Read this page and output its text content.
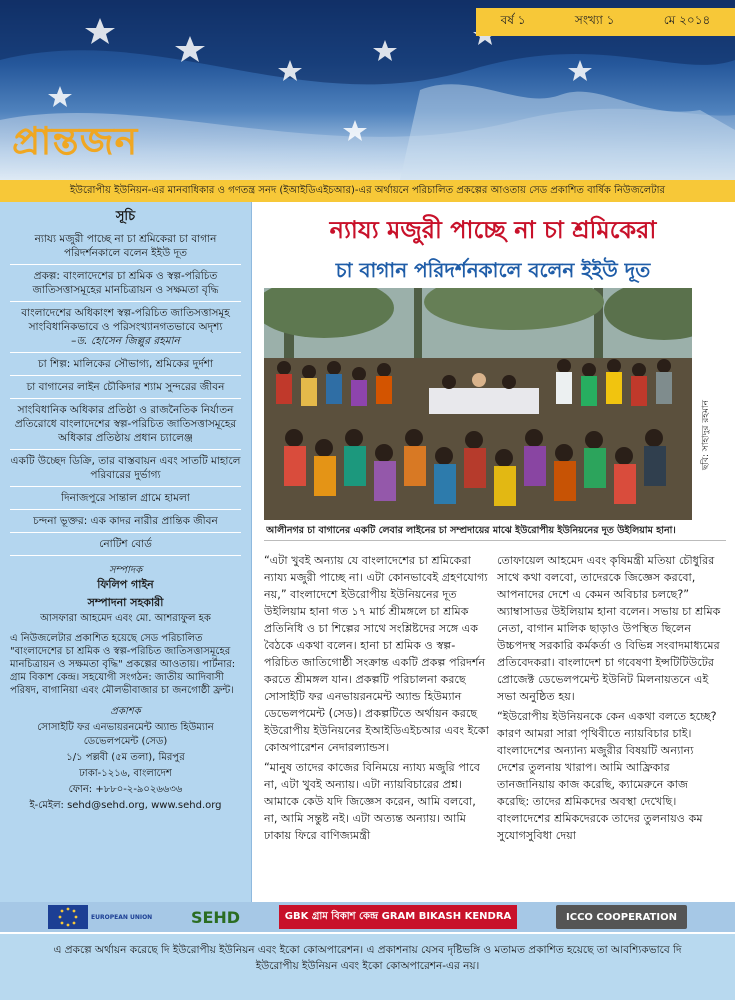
বর্ষ ১	সংখ্যা ১	মে ২০১৪
প্রান্তজন
ইউরোপীয় ইউনিয়ন-এর মানবাধিকার ও গণতন্ত্র সনদ (ইআইডিএইচআর)-এর অর্থায়নে পরিচালিত প্রকল্পের আওতায় সেড প্রকাশিত বার্ষিক নিউজলেটার
সূচি
ন্যায্য মজুরী পাচ্ছে না চা শ্রমিকেরা চা বাগান পরিদর্শনকালে বলেন ইইউ দূত
প্রকল্প: বাংলাদেশের চা শ্রমিক ও স্বল্প-পরিচিত জাতিসত্তাসমূহের মানচিত্রায়ন ও সক্ষমতা বৃদ্ধি
বাংলাদেশের অধিকাংশ স্বল্প-পরিচিত জাতিসত্তাসমূহ সাংবিধানিকভাবে ও পরিসংখ্যানগতভাবে অদৃশ্য
–ড. হোসেন জিল্লুর রহমান
চা শিল্প: মালিকের সৌভাগ্য, শ্রমিকের দুর্দশা
চা বাগানের লাইন চৌকিদার শ্যাম সুন্দরের জীবন
সাংবিধানিক অধিকার প্রতিষ্ঠা ও রাজনৈতিক নির্যাতন প্রতিরোধে বাংলাদেশের স্বল্প-পরিচিত জাতিসত্তাসমূহের অধিকার প্রতিষ্ঠায় প্রধান চ্যালেঞ্জ
একটি উচ্ছেদ ডিক্রি, তার বাস্তবায়ন এবং সাতটি মাহালে পরিবারের দুর্ভাগ্য
দিনাজপুরে সান্তাল গ্রামে হামলা
চন্দনা ভূক্তর: এক কাদর নারীর প্রান্তিক জীবন
নোটিশ বোর্ড
সম্পাদক
ফিলিপ গাইন
সম্পাদনা সহকারী
আসফারা আহমেদ এবং মো. আশরাফুল হক
এ নিউজলেটার প্রকাশিত হয়েছে সেড পরিচালিত "বাংলাদেশের চা শ্রমিক ও স্বল্প-পরিচিত জাতিসত্তাসমূহের মানচিত্রায়ন ও সক্ষমতা বৃদ্ধি" প্রকল্পের আওতায়। পার্টনার: গ্রাম বিকাশ কেন্দ্র। সহযোগী সংগঠন: জাতীয় আদিবাসী পরিষদ, বাগানিয়া এবং মৌলভীবাজার চা জনগোষ্ঠী ফ্রন্ট।
প্রকাশক
সোসাইটি ফর এনভায়রনমেন্ট অ্যান্ড হিউম্যান ডেভেলপমেন্ট (সেড)
১/১ পল্লবী (৫ম তলা), মিরপুর
ঢাকা-১২১৬, বাংলাদেশ
ফোন: +৮৮০-২-৯০২৬৬৩৬
ই-মেইল: sehd@sehd.org, www.sehd.org
ন্যায্য মজুরী পাচ্ছে না চা শ্রমিকেরা
চা বাগান পরিদর্শনকালে বলেন ইইউ দূত
ছবি: সাহাদুর রহমান
আলীনগর চা বাগানের একটি লেবার লাইনের চা সম্প্রদায়ের মাঝে ইউরোপীয় ইউনিয়নের দূত উইলিয়াম হানা।

“এটা খুবই অন্যায় যে বাংলাদেশের চা শ্রমিকেরা ন্যায্য মজুরী পাচ্ছে না। এটা কোনভাবেই গ্রহণযোগ্য নয়,” বাংলাদেশে ইউরোপীয় ইউনিয়নের দূত উইলিয়াম হানা গত ১৭ মার্চ শ্রীমঙ্গলে চা শ্রমিক প্রতিনিধি ও চা শিল্পের সাথে সংশ্লিষ্টদের সঙ্গে এক বৈঠকে একথা বলেন। হানা চা শ্রমিক ও স্বল্প-পরিচিত জাতিগোষ্ঠী সংক্রান্ত একটি প্রকল্প পরিদর্শন করতে শ্রীমঙ্গল যান। প্রকল্পটি পরিচালনা করছে সোসাইটি ফর এনভায়রনমেন্ট অ্যান্ড হিউম্যান ডেভেলপমেন্ট (সেড)। প্রকল্পটিতে অর্থায়ন করছে ইউরোপীয় ইউনিয়নের ইআইডিএইচআর এবং ইকো কোঅপারেশন নেদারল্যান্ডস।

“মানুষ তাদের কাজের বিনিময়ে ন্যায্য মজুরি পাবে না, এটা খুবই অন্যায়। এটা ন্যায়বিচারের প্রশ্ন। আমাকে কেউ যদি জিজ্ঞেস করেন, আমি বলবো, না, আমি সন্তুষ্ট নই। এটা অত্যন্ত অন্যায়। আমি ঢাকায় ফিরে বাণিজ্যমন্ত্রী

তোফায়েল আহমেদ এবং কৃষিমন্ত্রী মতিয়া চৌধুরির সাথে কথা বলবো, তাদেরকে জিজ্ঞেস করবো, আপনাদের দেশে এ কেমন অবিচার চলছে?” অ্যাম্বাসাডর উইলিয়াম হানা বলেন। সভায় চা শ্রমিক নেতা, বাগান মালিক ছাড়াও উপস্থিত ছিলেন উচ্চপদস্থ সরকারি কর্মকর্তা ও বিভিন্ন সংবাদমাধ্যমের প্রতিবেদকরা। বাংলাদেশ চা গবেষণা ইন্সটিটিউটের প্রোজেক্ট ডেভেলপমেন্ট ইউনিট মিলনায়তনে এই সভা অনুষ্ঠিত হয়।

“ইউরোপীয় ইউনিয়নকে কেন একথা বলতে হচ্ছে? কারণ আমরা সারা পৃথিবীতে ন্যায়বিচার চাই। বাংলাদেশের অন্যান্য মজুরীর বিষয়টি অন্যান্য দেশের তুলনায় খারাপ। আমি আফ্রিকার তানজানিয়ায় কাজ করেছি, ক্যামেরুনে কাজ করেছি: তাদের শ্রমিকদের অবস্থা দেখেছি। বাংলাদেশের শ্রমিকদেরকে তাদের তুলনায়ও কম সুযোগসুবিধা দেয়া

EUROPEAN UNION SEHD	GBK গ্রাম বিকাশ কেন্দ্র GRAM BIKASH KENDRA	ICCO COOPERATION
এ প্রকল্পে অর্থায়ন করেছে দি ইউরোপীয় ইউনিয়ন এবং ইকো কোঅপারেশন। এ প্রকাশনায় যেসব দৃষ্টিভঙ্গি ও মতামত প্রকাশিত হয়েছে তা আবশ্যিকভাবে দি ইউরোপীয় ইউনিয়ন এবং ইকো কোঅপারেশন-এর নয়।
